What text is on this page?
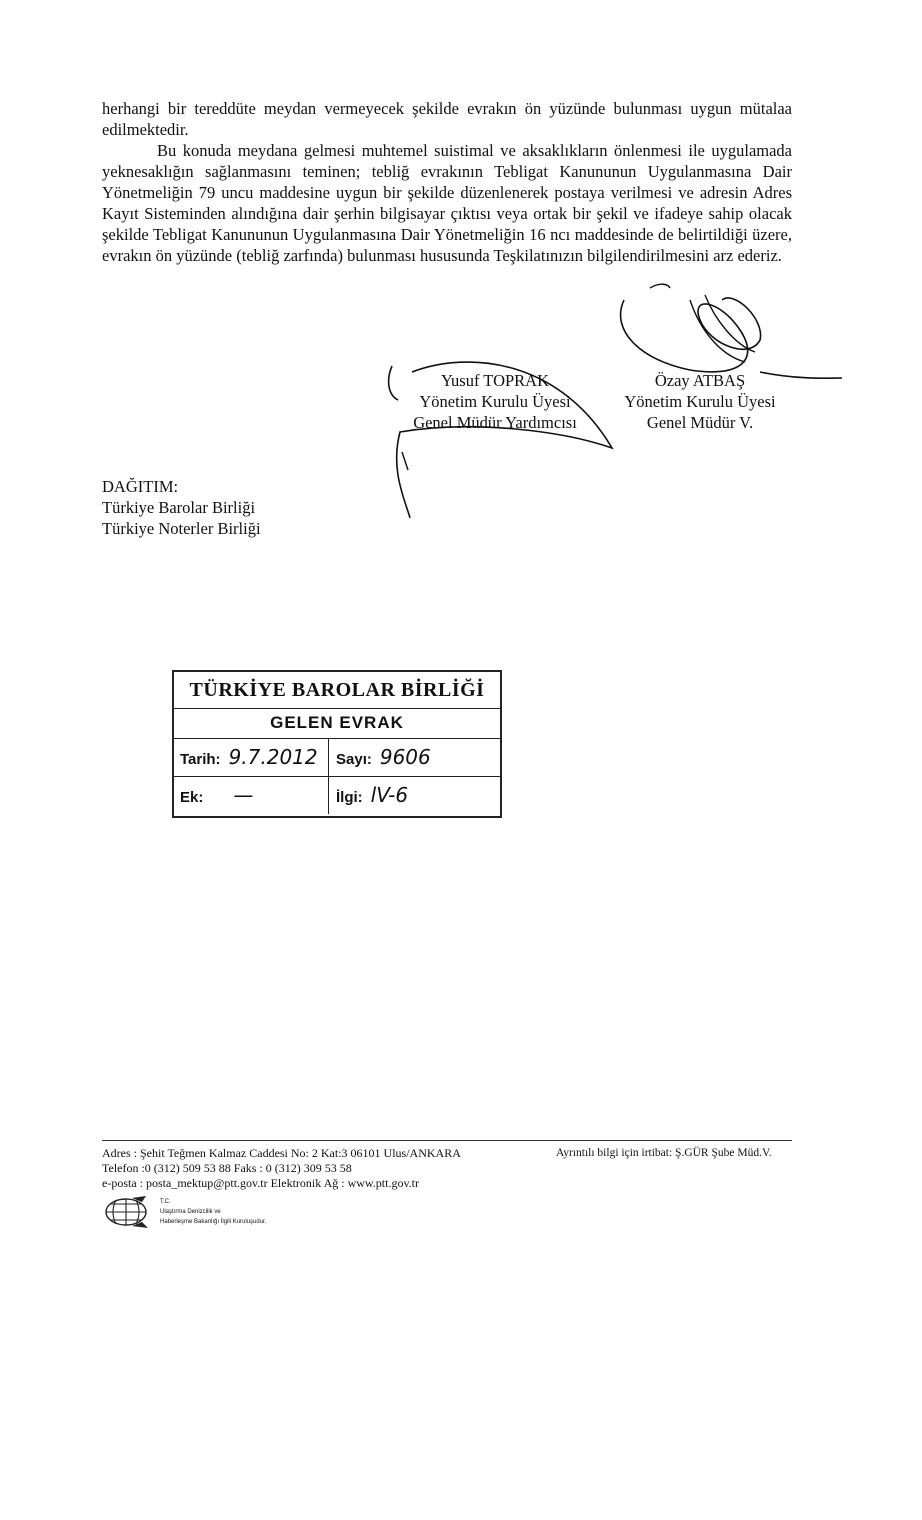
herhangi bir tereddüte meydan vermeyecek şekilde evrakın ön yüzünde bulunması uygun mütalaa edilmektedir.
Bu konuda meydana gelmesi muhtemel suistimal ve aksaklıkların önlenmesi ile uygulamada yeknesaklığın sağlanmasını teminen; tebliğ evrakının Tebligat Kanununun Uygulanmasına Dair Yönetmeliğin 79 uncu maddesine uygun bir şekilde düzenlenerek postaya verilmesi ve adresin Adres Kayıt Sisteminden alındığına dair şerhin bilgisayar çıktısı veya ortak bir şekil ve ifadeye sahip olacak şekilde Tebligat Kanununun Uygulanmasına Dair Yönetmeliğin 16 ncı maddesinde de belirtildiği üzere, evrakın ön yüzünde (tebliğ zarfında) bulunması hususunda Teşkilatınızın bilgilendirilmesini arz ederiz.
Yusuf TOPRAK
Yönetim Kurulu Üyesi
Genel Müdür Yardımcısı
Özay ATBAŞ
Yönetim Kurulu Üyesi
Genel Müdür V.
DAĞITIM:
Türkiye Barolar Birliği
Türkiye Noterler Birliği
TÜRKİYE BAROLAR BİRLİĞİ
GELEN EVRAK
Tarih: 9.7.2012 Sayı: 9606
Ek: —	İlgi: lV-6
Adres : Şehit Teğmen Kalmaz Caddesi No: 2 Kat:3 06101 Ulus/ANKARA
Telefon :0 (312) 509 53 88 Faks : 0 (312) 309 53 58
e-posta : posta_mektup@ptt.gov.tr Elektronik Ağ : www.ptt.gov.tr
Ayrıntılı bilgi için irtibat: Ş.GÜR Şube Müd.V.
T.C.
Ulaştırma Denizcilik ve
Haberleşme Bakanlığı İlgili Kuruluşudur.
